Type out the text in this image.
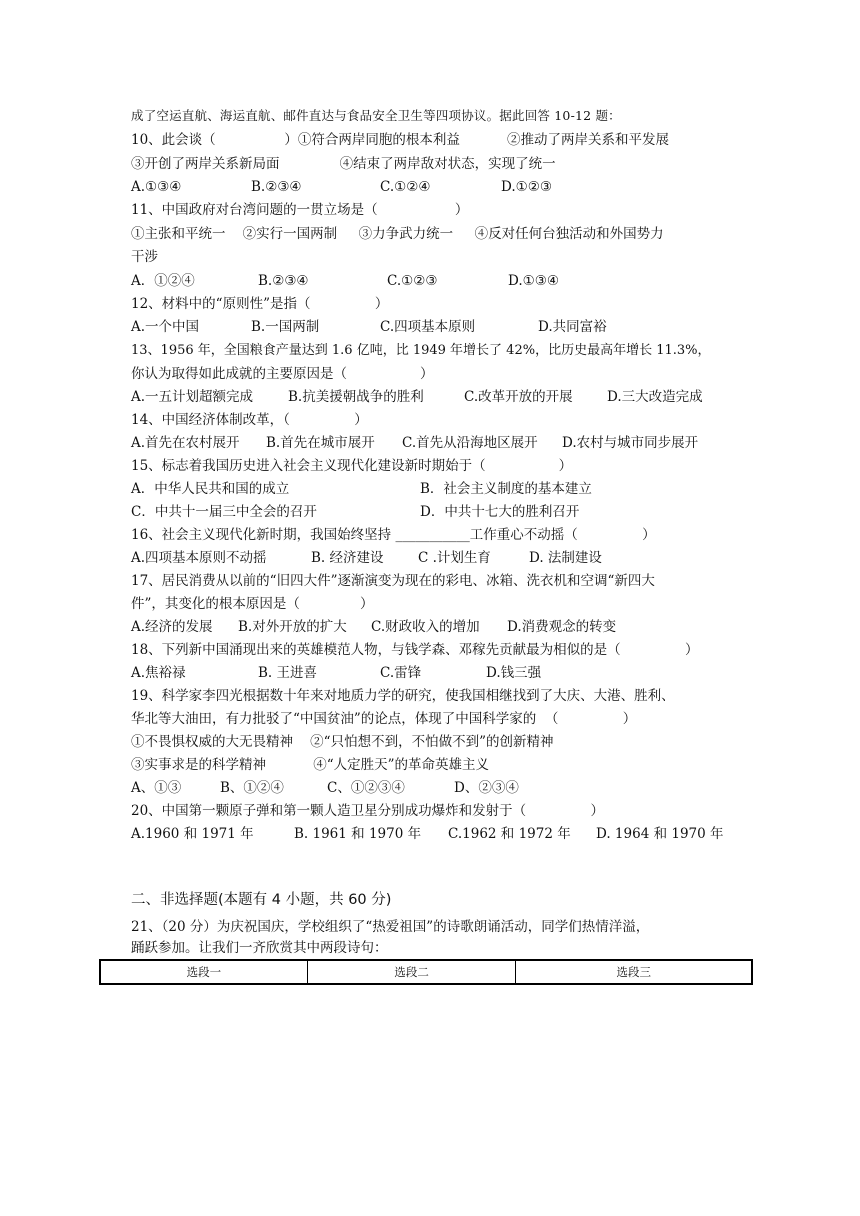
成了空运直航、海运直航、邮件直达与食品安全卫生等四项协议。据此回答 10-12 题：
10、此会谈（                ）①符合两岸同胞的根本利益           ②推动了两岸关系和平发展
③开创了两岸关系新局面              ④结束了两岸敌对状态，实现了统一

A.①③④

	B.②③④

	C.①②④

	D.①②③

11、中国政府对台湾问题的一贯立场是（                  ）
①主张和平统一    ②实行一国两制     ③力争武力统一     ④反对任何台独活动和外国势力
干涉

A．①②④

	B.②③④

	C.①②③

	D.①③④

12、材料中的“原则性”是指（               ）

A.一个中国

	B.一国两制

	C.四项基本原则

	D.共同富裕

13、1956 年，全国粮食产量达到 1.6 亿吨，比 1949 年增长了 42%，比历史最高年增长 11.3%，
你认为取得如此成就的主要原因是（                 ）

A.一五计划超额完成

	B.抗美援朝战争的胜利

	C.改革开放的开展

	D.三大改造完成

14、中国经济体制改革，（               ）

A.首先在农村展开

B.首先在城市展开

C.首先从沿海地区展开

D.农村与城市同步展开

15、标志着我国历史进入社会主义现代化建设新时期始于（                 ）

A．中华人民共和国的成立

	B．社会主义制度的基本建立

C．中共十一届三中全会的召开

	D．中共十七大的胜利召开

16、社会主义现代化新时期，我国始终坚持 ___________工作重心不动摇（               ）

A.四项基本原则不动摇

	B. 经济建设

	C .计划生育

	D. 法制建设

17、居民消费从以前的“旧四大件”逐渐演变为现在的彩电、冰箱、洗衣机和空调“新四大
件”，其变化的根本原因是（              ）

A.经济的发展

B.对外开放的扩大

C.财政收入的增加

D.消费观念的转变

18、下列新中国涌现出来的英雄模范人物，与钱学森、邓稼先贡献最为相似的是（               ）

A.焦裕禄

	B. 王进喜

	C.雷锋

	D.钱三强

19、科学家李四光根据数十年来对地质力学的研究，使我国相继找到了大庆、大港、胜利、
华北等大油田，有力批驳了“中国贫油”的论点，体现了中国科学家的  （               ）
①不畏惧权威的大无畏精神    ②“只怕想不到，不怕做不到”的创新精神
③实事求是的科学精神           ④“人定胜天”的革命英雄主义

A、①③

	B、①②④

	C、①②③④

	D、②③④

20、中国第一颗原子弹和第一颗人造卫星分别成功爆炸和发射于（               ）

A.1960 和 1971 年

	B. 1961 和 1970 年

C.1962 和 1972 年

D. 1964 和 1970 年

二、非选择题(本题有 4 小题，共 60 分)
21、（20 分）为庆祝国庆，学校组织了“热爱祖国”的诗歌朗诵活动，同学们热情洋溢，
踊跃参加。让我们一齐欣赏其中两段诗句：
选段一	选段二	选段三
